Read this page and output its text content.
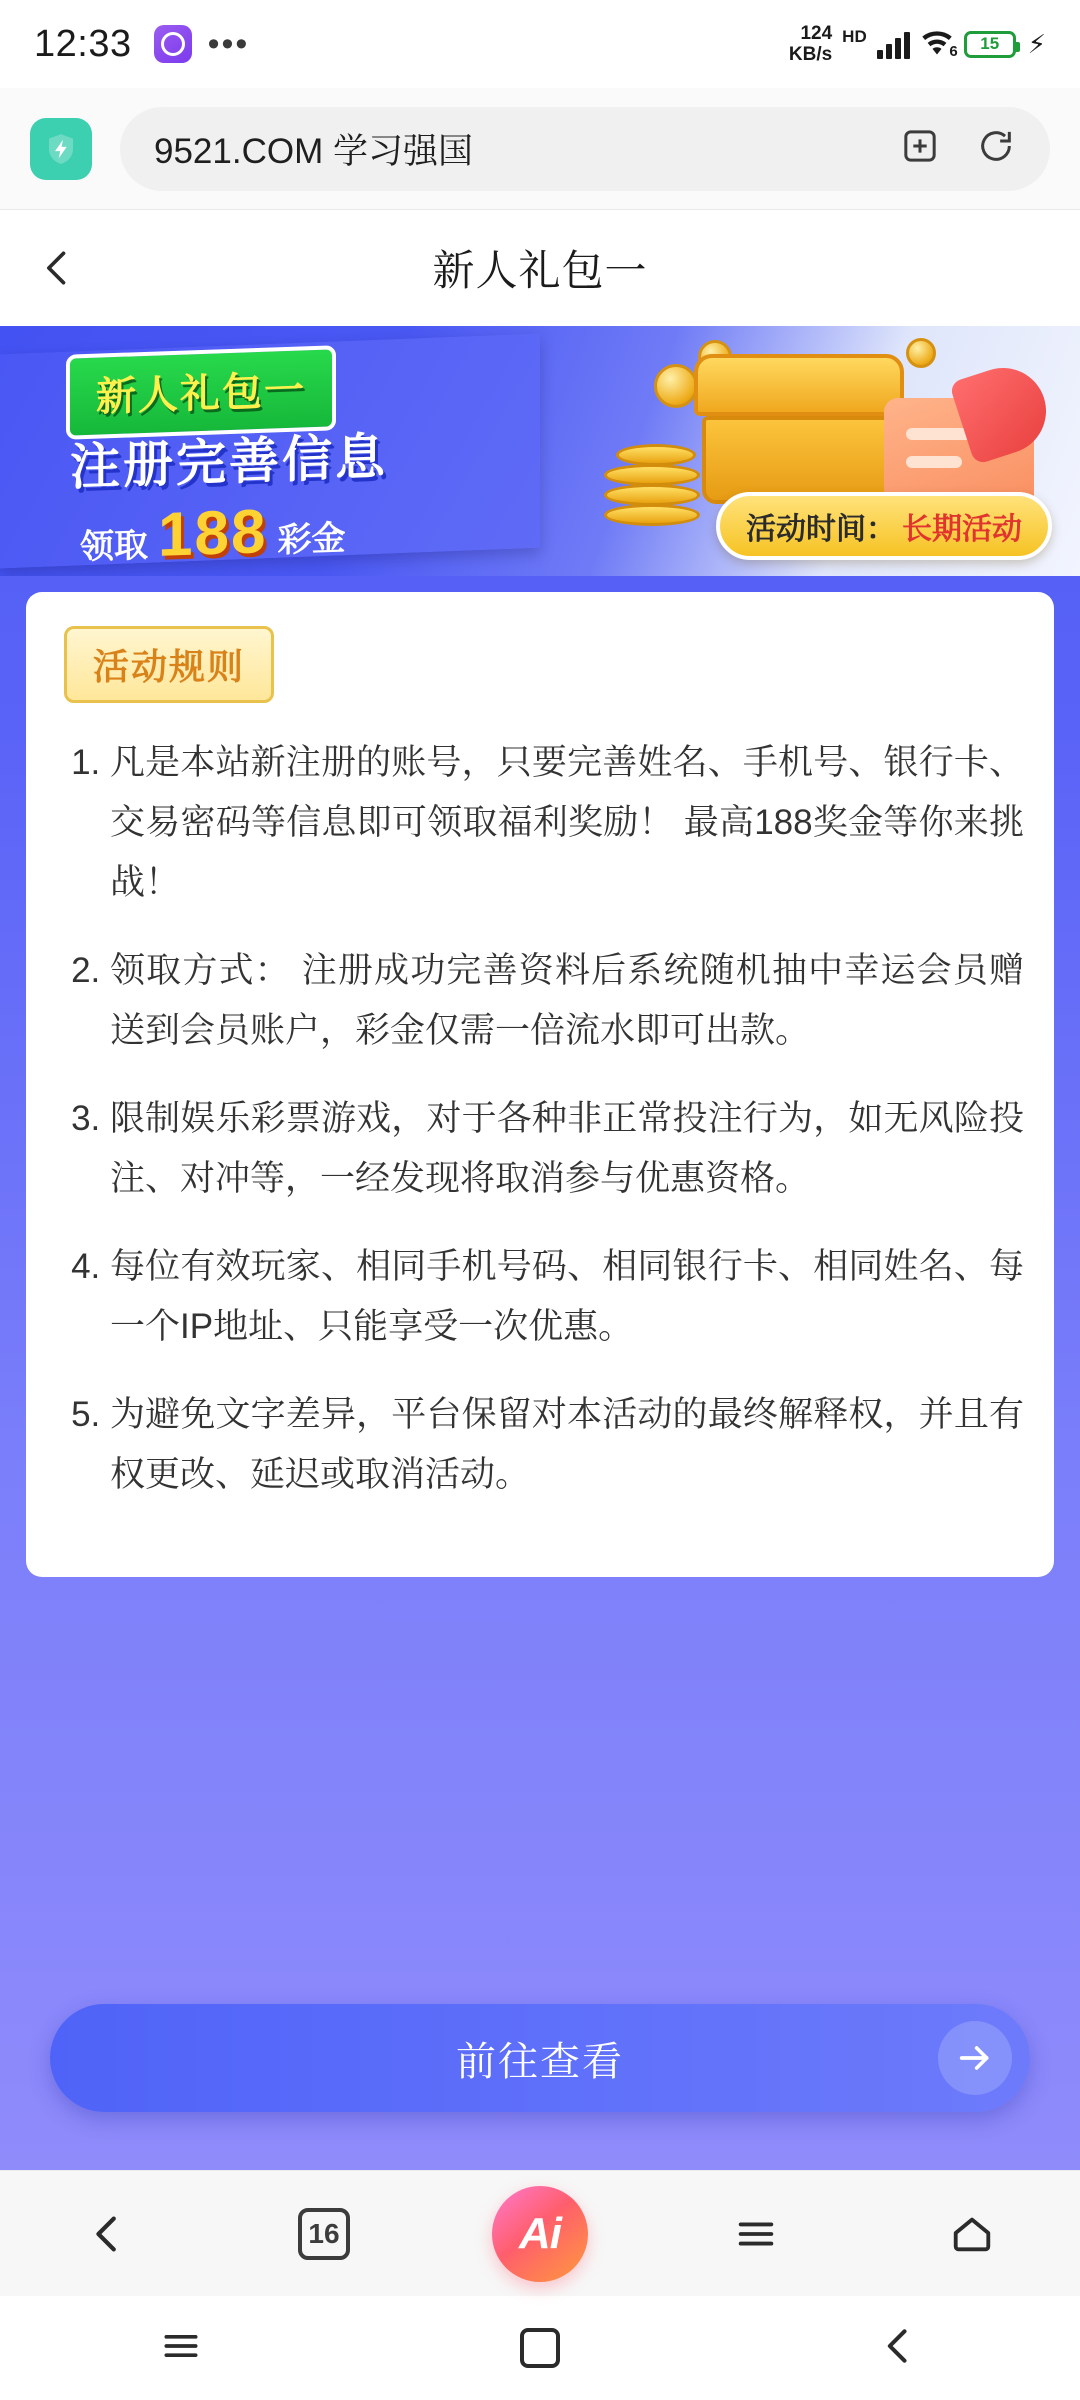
12:33 •••	124
KB/s
HD
6 15 ⚡
9521.COM 学习强国
新人礼包一
新人礼包一
注册完善信息
领取 188 彩金	活动时间： 长期活动
活动规则
1. 凡是本站新注册的账号，只要完善姓名、手机号、银行卡、交易密码等信息即可领取福利奖励！ 最高188奖金等你来挑战！
2. 领取方式： 注册成功完善资料后系统随机抽中幸运会员赠送到会员账户，彩金仅需一倍流水即可出款。
3. 限制娱乐彩票游戏，对于各种非正常投注行为，如无风险投注、对冲等，一经发现将取消参与优惠资格。
4. 每位有效玩家、相同手机号码、相同银行卡、相同姓名、每一个IP地址、只能享受一次优惠。
5. 为避免文字差异，平台保留对本活动的最终解释权，并且有权更改、延迟或取消活动。
前往查看
16	Ai
